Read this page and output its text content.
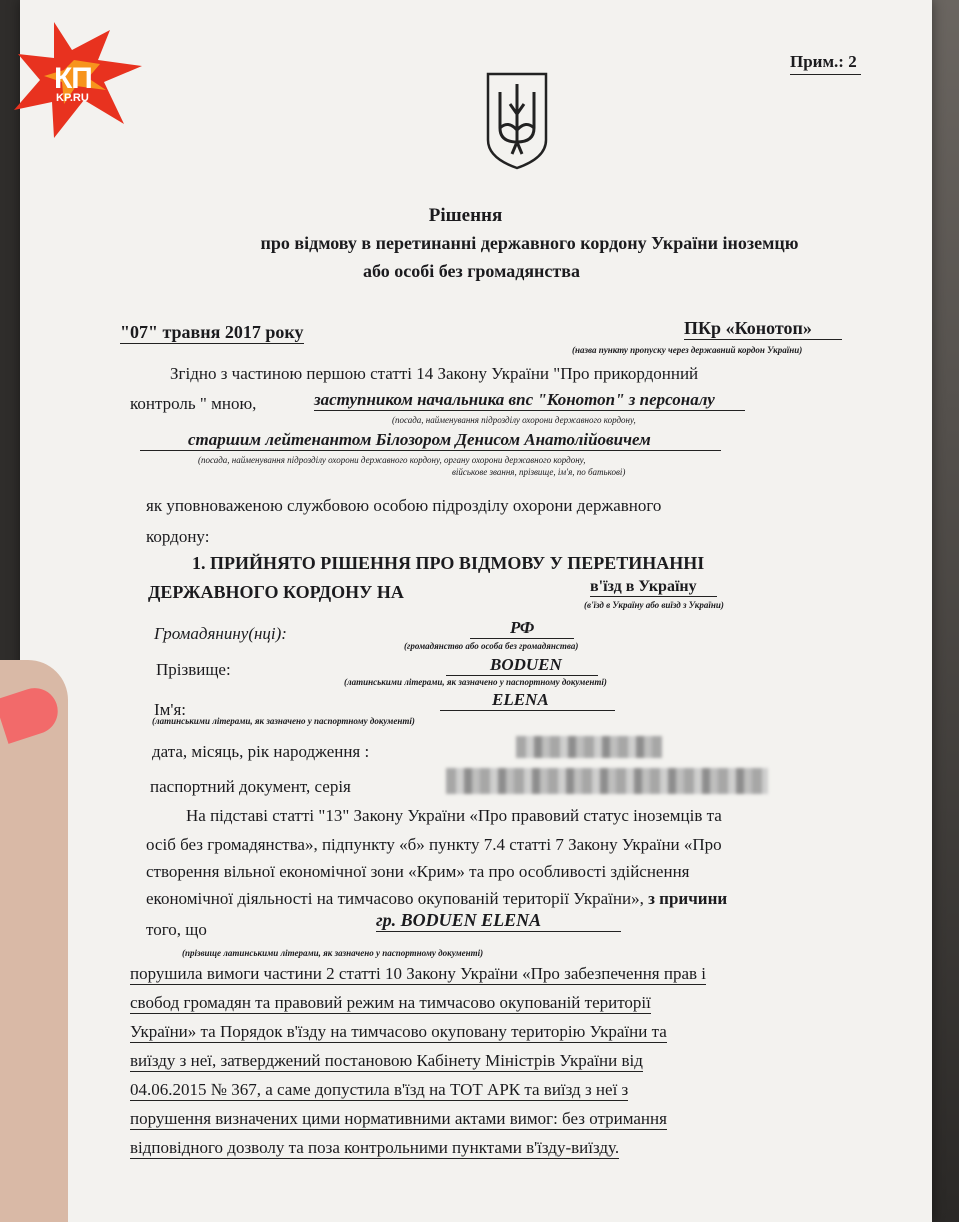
КП
KP.RU
Прим.: 2
Рішення
про відмову в перетинанні державного кордону України іноземцю
або особі без громадянства
"07" травня 2017 року	ПКр «Конотоп»
(назва пункту пропуску через державний кордон України)
Згідно з частиною першою статті 14 Закону України "Про прикордонний
контроль " мною,	заступником начальника впс "Конотоп" з персоналу
(посада, найменування підрозділу охорони державного кордону,
старшим лейтенантом Білозором Денисом Анатолійовичем
(посада, найменування підрозділу охорони державного кордону, органу охорони державного кордону,
військове звання, прізвище, ім'я, по батькові)
як уповноваженою службовою особою підрозділу охорони державного
кордону:
1. ПРИЙНЯТО РІШЕННЯ ПРО ВІДМОВУ У ПЕРЕТИНАННІ
ДЕРЖАВНОГО КОРДОНУ НА	в'їзд в Україну
(в'їзд в Україну або виїзд з України)
Громадянину(нці):	РФ
(громадянство або особа без громадянства)
Прізвище:	BODUEN
(латинськими літерами, як зазначено у паспортному документі)
Ім'я:
ELENA
(латинськими літерами, як зазначено у паспортному документі)
дата, місяць, рік народження :
паспортний документ, серія
На підставі статті "13" Закону України «Про правовий статус іноземців та
осіб без громадянства», підпункту «б» пункту 7.4 статті 7 Закону України «Про
створення вільної економічної зони «Крим» та про особливості здійснення
економічної діяльності на тимчасово окупованій території України», з причини
того, що	гр. BODUEN ELENA
(прізвище латинськими літерами, як зазначено у паспортному документі)
порушила вимоги частини 2 статті 10 Закону України «Про забезпечення прав і
свобод громадян та правовий режим на тимчасово окупованій території
України» та Порядок в'їзду на тимчасово окуповану територію України та
виїзду з неї, затверджений постановою Кабінету Міністрів України від
04.06.2015 № 367, а саме допустила в'їзд на ТОТ АРК та виїзд з неї з
порушення визначених цими нормативними актами вимог: без отримання
відповідного дозволу та поза контрольними пунктами в'їзду-виїзду.
